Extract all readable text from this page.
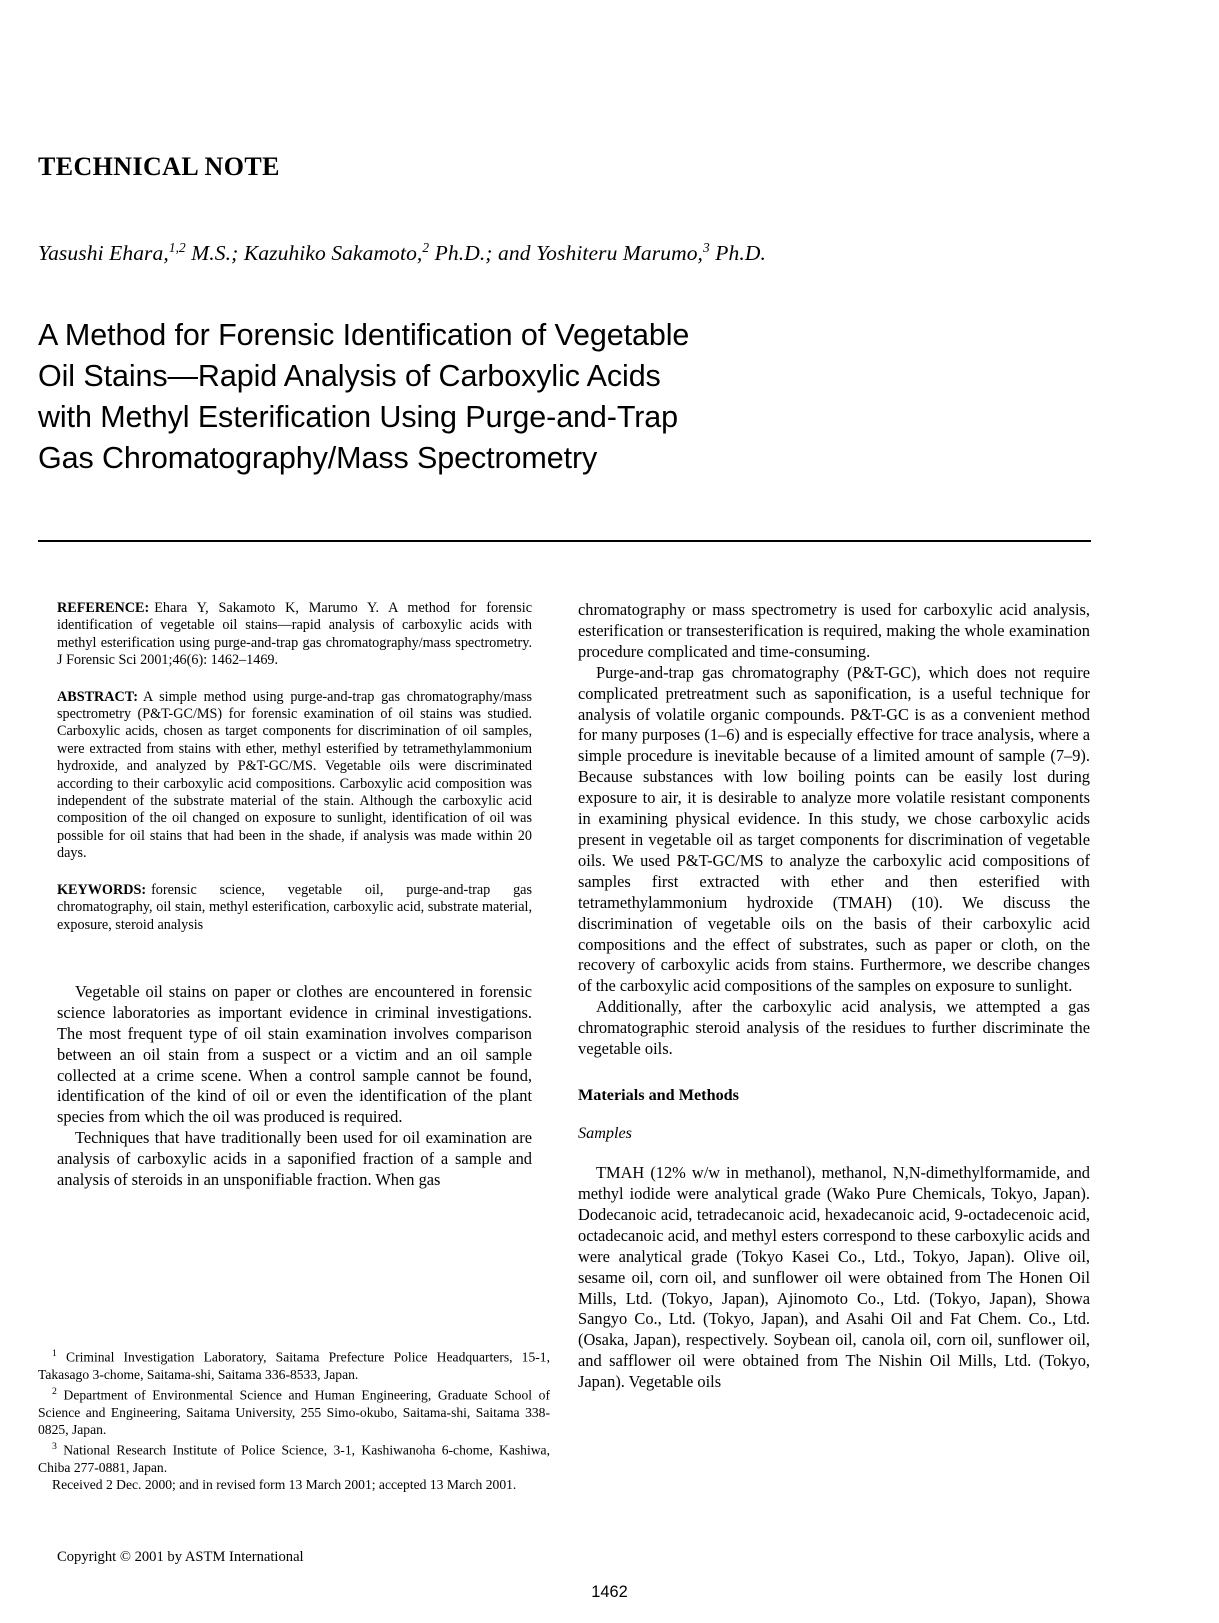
TECHNICAL NOTE
Yasushi Ehara,$^{1,2}$ M.S.; Kazuhiko Sakamoto,$^2$ Ph.D.; and Yoshiteru Marumo,$^3$ Ph.D.
A Method for Forensic Identification of Vegetable
Oil Stains—Rapid Analysis of Carboxylic Acids
with Methyl Esterification Using Purge-and-Trap
Gas Chromatography/Mass Spectrometry

REFERENCE: Ehara Y, Sakamoto K, Marumo Y. A method for forensic identification of vegetable oil stains—rapid analysis of carboxylic acids with methyl esterification using purge-and-trap gas chromatography/mass spectrometry. J Forensic Sci 2001;46(6): 1462–1469.

ABSTRACT: A simple method using purge-and-trap gas chromatography/mass spectrometry (P&T-GC/MS) for forensic examination of oil stains was studied. Carboxylic acids, chosen as target components for discrimination of oil samples, were extracted from stains with ether, methyl esterified by tetramethylammonium hydroxide, and analyzed by P&T-GC/MS. Vegetable oils were discriminated according to their carboxylic acid compositions. Carboxylic acid composition was independent of the substrate material of the stain. Although the carboxylic acid composition of the oil changed on exposure to sunlight, identification of oil was possible for oil stains that had been in the shade, if analysis was made within 20 days.

KEYWORDS: forensic science, vegetable oil, purge-and-trap gas chromatography, oil stain, methyl esterification, carboxylic acid, substrate material, exposure, steroid analysis

Vegetable oil stains on paper or clothes are encountered in forensic science laboratories as important evidence in criminal investigations. The most frequent type of oil stain examination involves comparison between an oil stain from a suspect or a victim and an oil sample collected at a crime scene. When a control sample cannot be found, identification of the kind of oil or even the identification of the plant species from which the oil was produced is required.

Techniques that have traditionally been used for oil examination are analysis of carboxylic acids in a saponified fraction of a sample and analysis of steroids in an unsponifiable fraction. When gas

chromatography or mass spectrometry is used for carboxylic acid analysis, esterification or transesterification is required, making the whole examination procedure complicated and time-consuming.

Purge-and-trap gas chromatography (P&T-GC), which does not require complicated pretreatment such as saponification, is a useful technique for analysis of volatile organic compounds. P&T-GC is as a convenient method for many purposes (1–6) and is especially effective for trace analysis, where a simple procedure is inevitable because of a limited amount of sample (7–9). Because substances with low boiling points can be easily lost during exposure to air, it is desirable to analyze more volatile resistant components in examining physical evidence. In this study, we chose carboxylic acids present in vegetable oil as target components for discrimination of vegetable oils. We used P&T-GC/MS to analyze the carboxylic acid compositions of samples first extracted with ether and then esterified with tetramethylammonium hydroxide (TMAH) (10). We discuss the discrimination of vegetable oils on the basis of their carboxylic acid compositions and the effect of substrates, such as paper or cloth, on the recovery of carboxylic acids from stains. Furthermore, we describe changes of the carboxylic acid compositions of the samples on exposure to sunlight.

Additionally, after the carboxylic acid analysis, we attempted a gas chromatographic steroid analysis of the residues to further discriminate the vegetable oils.

Materials and Methods

Samples

TMAH (12% w/w in methanol), methanol, N,N-dimethylformamide, and methyl iodide were analytical grade (Wako Pure Chemicals, Tokyo, Japan). Dodecanoic acid, tetradecanoic acid, hexadecanoic acid, 9-octadecenoic acid, octadecanoic acid, and methyl esters correspond to these carboxylic acids and were analytical grade (Tokyo Kasei Co., Ltd., Tokyo, Japan). Olive oil, sesame oil, corn oil, and sunflower oil were obtained from The Honen Oil Mills, Ltd. (Tokyo, Japan), Ajinomoto Co., Ltd. (Tokyo, Japan), Showa Sangyo Co., Ltd. (Tokyo, Japan), and Asahi Oil and Fat Chem. Co., Ltd. (Osaka, Japan), respectively. Soybean oil, canola oil, corn oil, sunflower oil, and safflower oil were obtained from The Nishin Oil Mills, Ltd. (Tokyo, Japan). Vegetable oils

$^1$ Criminal Investigation Laboratory, Saitama Prefecture Police Headquarters, 15-1, Takasago 3-chome, Saitama-shi, Saitama 336-8533, Japan.

$^2$ Department of Environmental Science and Human Engineering, Graduate School of Science and Engineering, Saitama University, 255 Simo-okubo, Saitama-shi, Saitama 338-0825, Japan.

$^3$ National Research Institute of Police Science, 3-1, Kashiwanoha 6-chome, Kashiwa, Chiba 277-0881, Japan.

Received 2 Dec. 2000; and in revised form 13 March 2001; accepted 13 March 2001.

Copyright © 2001 by ASTM International
1462
